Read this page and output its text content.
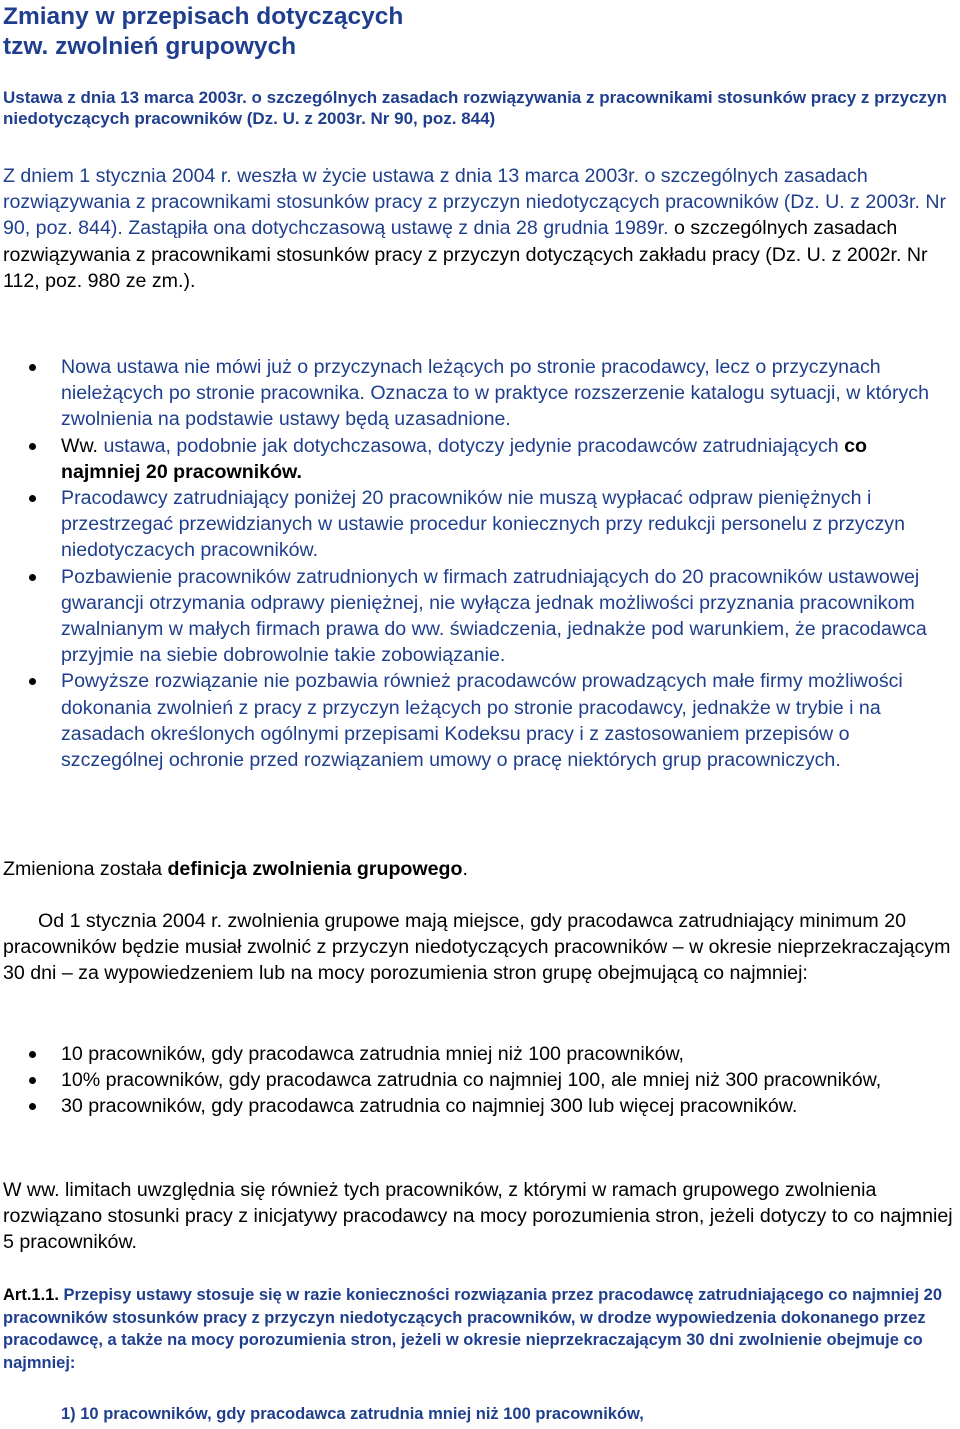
Zmiany w przepisach dotyczących
tzw. zwolnień grupowych
Ustawa z dnia 13 marca 2003r. o szczególnych zasadach rozwiązywania z pracownikami stosunków pracy z przyczyn niedotyczących pracowników (Dz. U. z 2003r. Nr 90, poz. 844)
Z dniem 1 stycznia 2004 r. weszła w życie ustawa z dnia 13 marca 2003r. o szczególnych zasadach rozwiązywania z pracownikami stosunków pracy z przyczyn niedotyczących pracowników (Dz. U. z 2003r. Nr 90, poz. 844). Zastąpiła ona dotychczasową ustawę z dnia 28 grudnia 1989r. o szczególnych zasadach rozwiązywania z pracownikami stosunków pracy z przyczyn dotyczących zakładu pracy (Dz. U. z 2002r. Nr 112, poz. 980 ze zm.).
Nowa ustawa nie mówi już o przyczynach leżących po stronie pracodawcy, lecz o przyczynach nieleżących po stronie pracownika. Oznacza to w praktyce rozszerzenie katalogu sytuacji, w których zwolnienia na podstawie ustawy będą uzasadnione.
Ww. ustawa, podobnie jak dotychczasowa, dotyczy jedynie pracodawców zatrudniających co najmniej 20 pracowników.
Pracodawcy zatrudniający poniżej 20 pracowników nie muszą wypłacać odpraw pieniężnych i przestrzegać przewidzianych w ustawie procedur koniecznych przy redukcji personelu z przyczyn niedotyczacych pracowników.
Pozbawienie pracowników zatrudnionych w firmach zatrudniających do 20 pracowników ustawowej gwarancji otrzymania odprawy pieniężnej, nie wyłącza jednak możliwości przyznania pracownikom zwalnianym w małych firmach prawa do ww. świadczenia, jednakże pod warunkiem, że pracodawca przyjmie na siebie dobrowolnie takie zobowiązanie.
Powyższe rozwiązanie nie pozbawia również pracodawców prowadzących małe firmy możliwości dokonania zwolnień z pracy z przyczyn leżących po stronie pracodawcy, jednakże w trybie i na zasadach określonych ogólnymi przepisami Kodeksu pracy i z zastosowaniem przepisów o szczególnej ochronie przed rozwiązaniem umowy o pracę niektórych grup pracowniczych.
Zmieniona została definicja zwolnienia grupowego.
Od 1 stycznia 2004 r. zwolnienia grupowe mają miejsce, gdy pracodawca zatrudniający minimum 20 pracowników będzie musiał zwolnić z przyczyn niedotyczących pracowników – w okresie nieprzekraczającym 30 dni – za wypowiedzeniem lub na mocy porozumienia stron grupę obejmującą co najmniej:
10 pracowników, gdy pracodawca zatrudnia mniej niż 100 pracowników,
10% pracowników, gdy pracodawca zatrudnia co najmniej 100, ale mniej niż 300 pracowników,
30 pracowników, gdy pracodawca zatrudnia co najmniej 300 lub więcej pracowników.
W ww. limitach uwzględnia się również tych pracowników, z którymi w ramach grupowego zwolnienia rozwiązano stosunki pracy z inicjatywy pracodawcy na mocy porozumienia stron, jeżeli dotyczy to co najmniej 5 pracowników.
Art.1.1. Przepisy ustawy stosuje się w razie konieczności rozwiązania przez pracodawcę zatrudniającego co najmniej 20 pracowników stosunków pracy z przyczyn niedotyczących pracowników, w drodze wypowiedzenia dokonanego przez pracodawcę, a także na mocy porozumienia stron, jeżeli w okresie nieprzekraczającym 30 dni zwolnienie obejmuje co najmniej:
1) 10 pracowników, gdy pracodawca zatrudnia mniej niż 100 pracowników,
